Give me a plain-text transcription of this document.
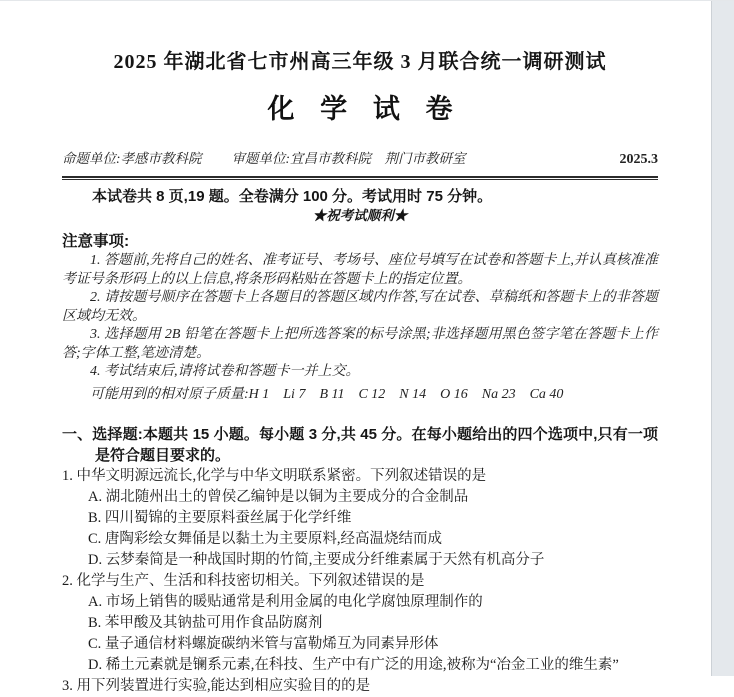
2025 年湖北省七市州高三年级 3 月联合统一调研测试
化 学 试 卷
命题单位:孝感市教科院 审题单位:宜昌市教科院　荆门市教研室	2025.3
本试卷共 8 页,19 题。全卷满分 100 分。考试用时 75 分钟。
★祝考试顺利★
注意事项:
1. 答题前,先将自己的姓名、准考证号、考场号、座位号填写在试卷和答题卡上,并认真核准准考证号条形码上的以上信息,将条形码粘贴在答题卡上的指定位置。
2. 请按题号顺序在答题卡上各题目的答题区域内作答,写在试卷、草稿纸和答题卡上的非答题区域均无效。
3. 选择题用 2B 铅笔在答题卡上把所选答案的标号涂黑;非选择题用黑色签字笔在答题卡上作答;字体工整,笔迹清楚。
4. 考试结束后,请将试卷和答题卡一并上交。
可能用到的相对原子质量:H 1　Li 7　B 11　C 12　N 14　O 16　Na 23　Ca 40
一、选择题:本题共 15 小题。每小题 3 分,共 45 分。在每小题给出的四个选项中,只有一项是符合题目要求的。
1. 中华文明源远流长,化学与中华文明联系紧密。下列叙述错误的是
A. 湖北随州出土的曾侯乙编钟是以铜为主要成分的合金制品
B. 四川蜀锦的主要原料蚕丝属于化学纤维
C. 唐陶彩绘女舞俑是以黏土为主要原料,经高温烧结而成
D. 云梦秦简是一种战国时期的竹简,主要成分纤维素属于天然有机高分子
2. 化学与生产、生活和科技密切相关。下列叙述错误的是
A. 市场上销售的暖贴通常是利用金属的电化学腐蚀原理制作的
B. 苯甲酸及其钠盐可用作食品防腐剂
C. 量子通信材料螺旋碳纳米管与富勒烯互为同素异形体
D. 稀土元素就是镧系元素,在科技、生产中有广泛的用途,被称为“冶金工业的维生素”
3. 用下列装置进行实验,能达到相应实验目的的是
